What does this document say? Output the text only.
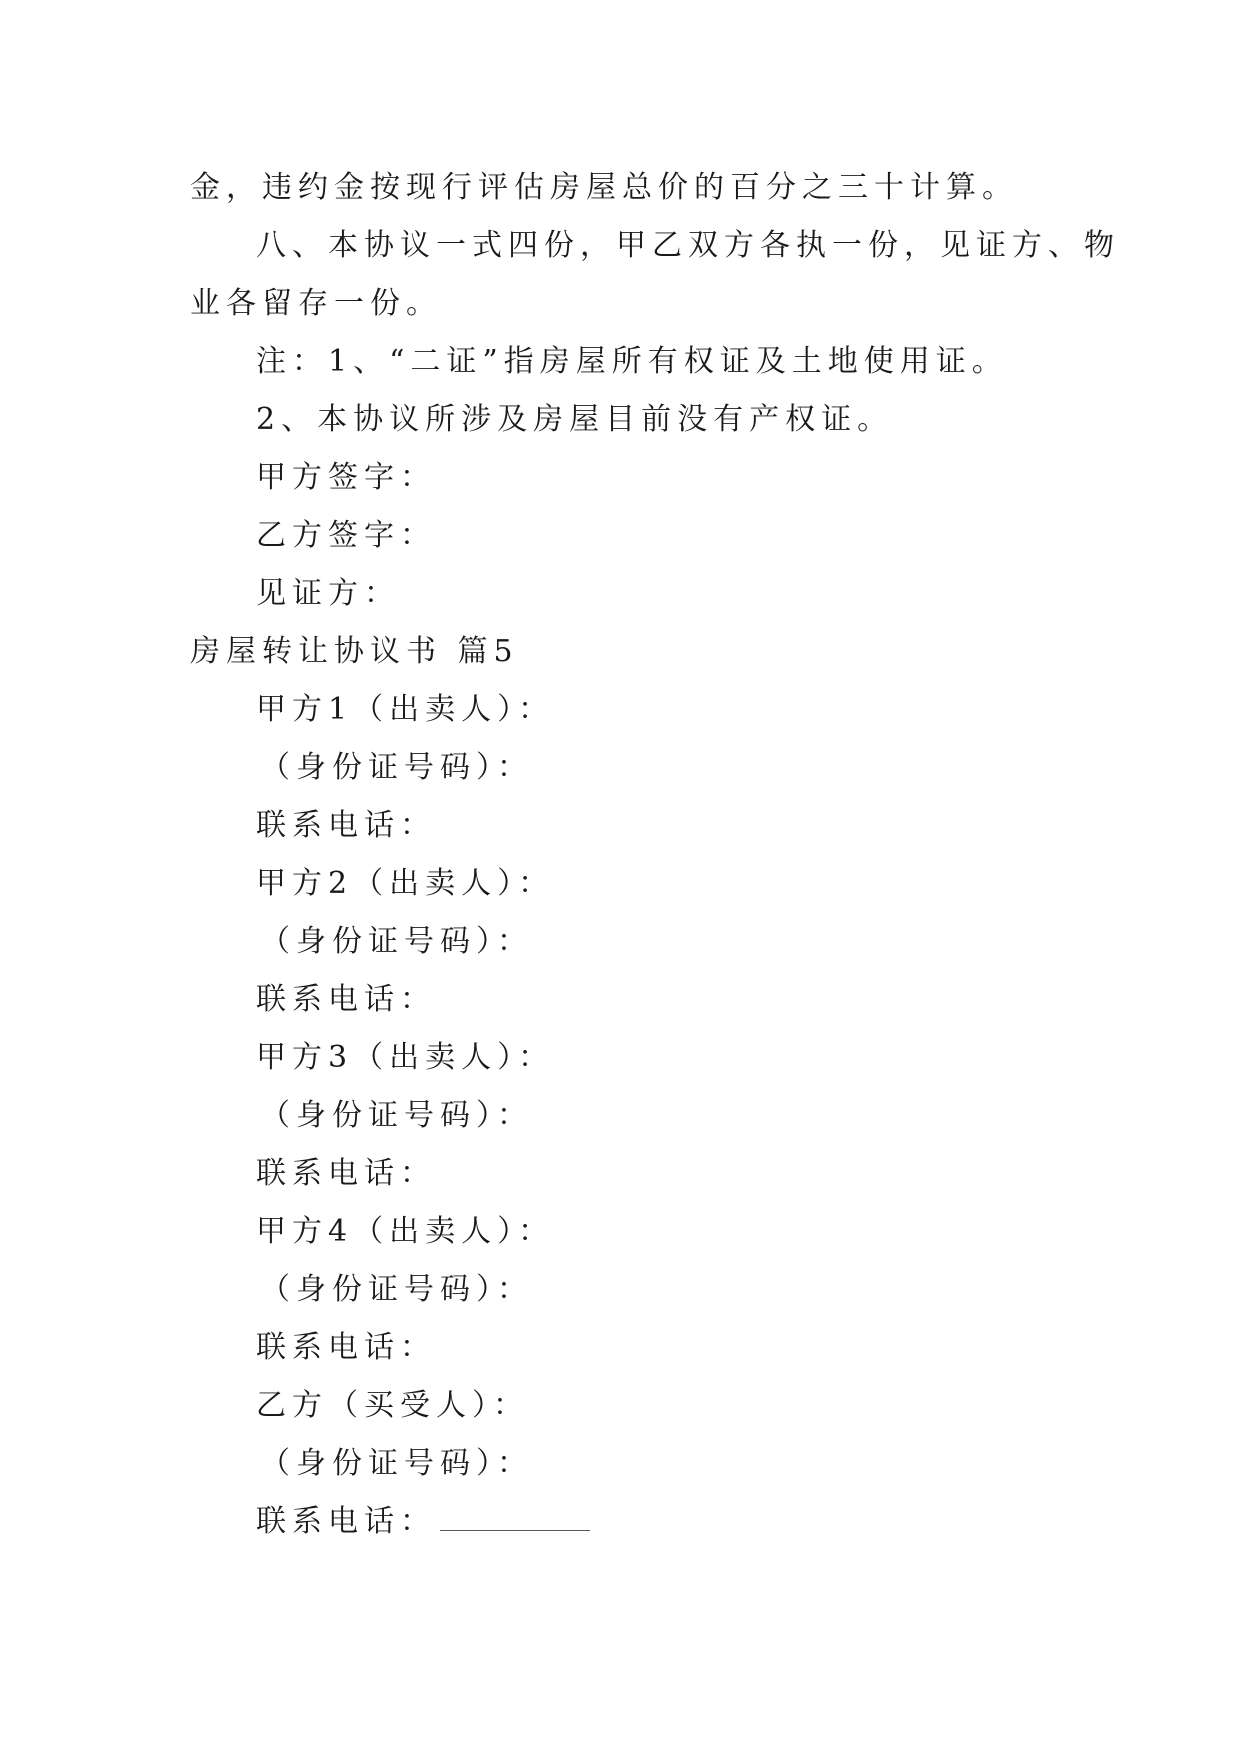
金，违约金按现行评估房屋总价的百分之三十计算。
八、本协议一式四份，甲乙双方各执一份，见证方、物
业各留存一份。
注：1、“二证”指房屋所有权证及土地使用证。
2、本协议所涉及房屋目前没有产权证。
甲方签字：
乙方签字：
见证方：
房屋转让协议书 篇5
甲方1（出卖人）：
（身份证号码）：
联系电话：
甲方2（出卖人）：
（身份证号码）：
联系电话：
甲方3（出卖人）：
（身份证号码）：
联系电话：
甲方4（出卖人）：
（身份证号码）：
联系电话：
乙方（买受人）：
（身份证号码）：
联系电话：
